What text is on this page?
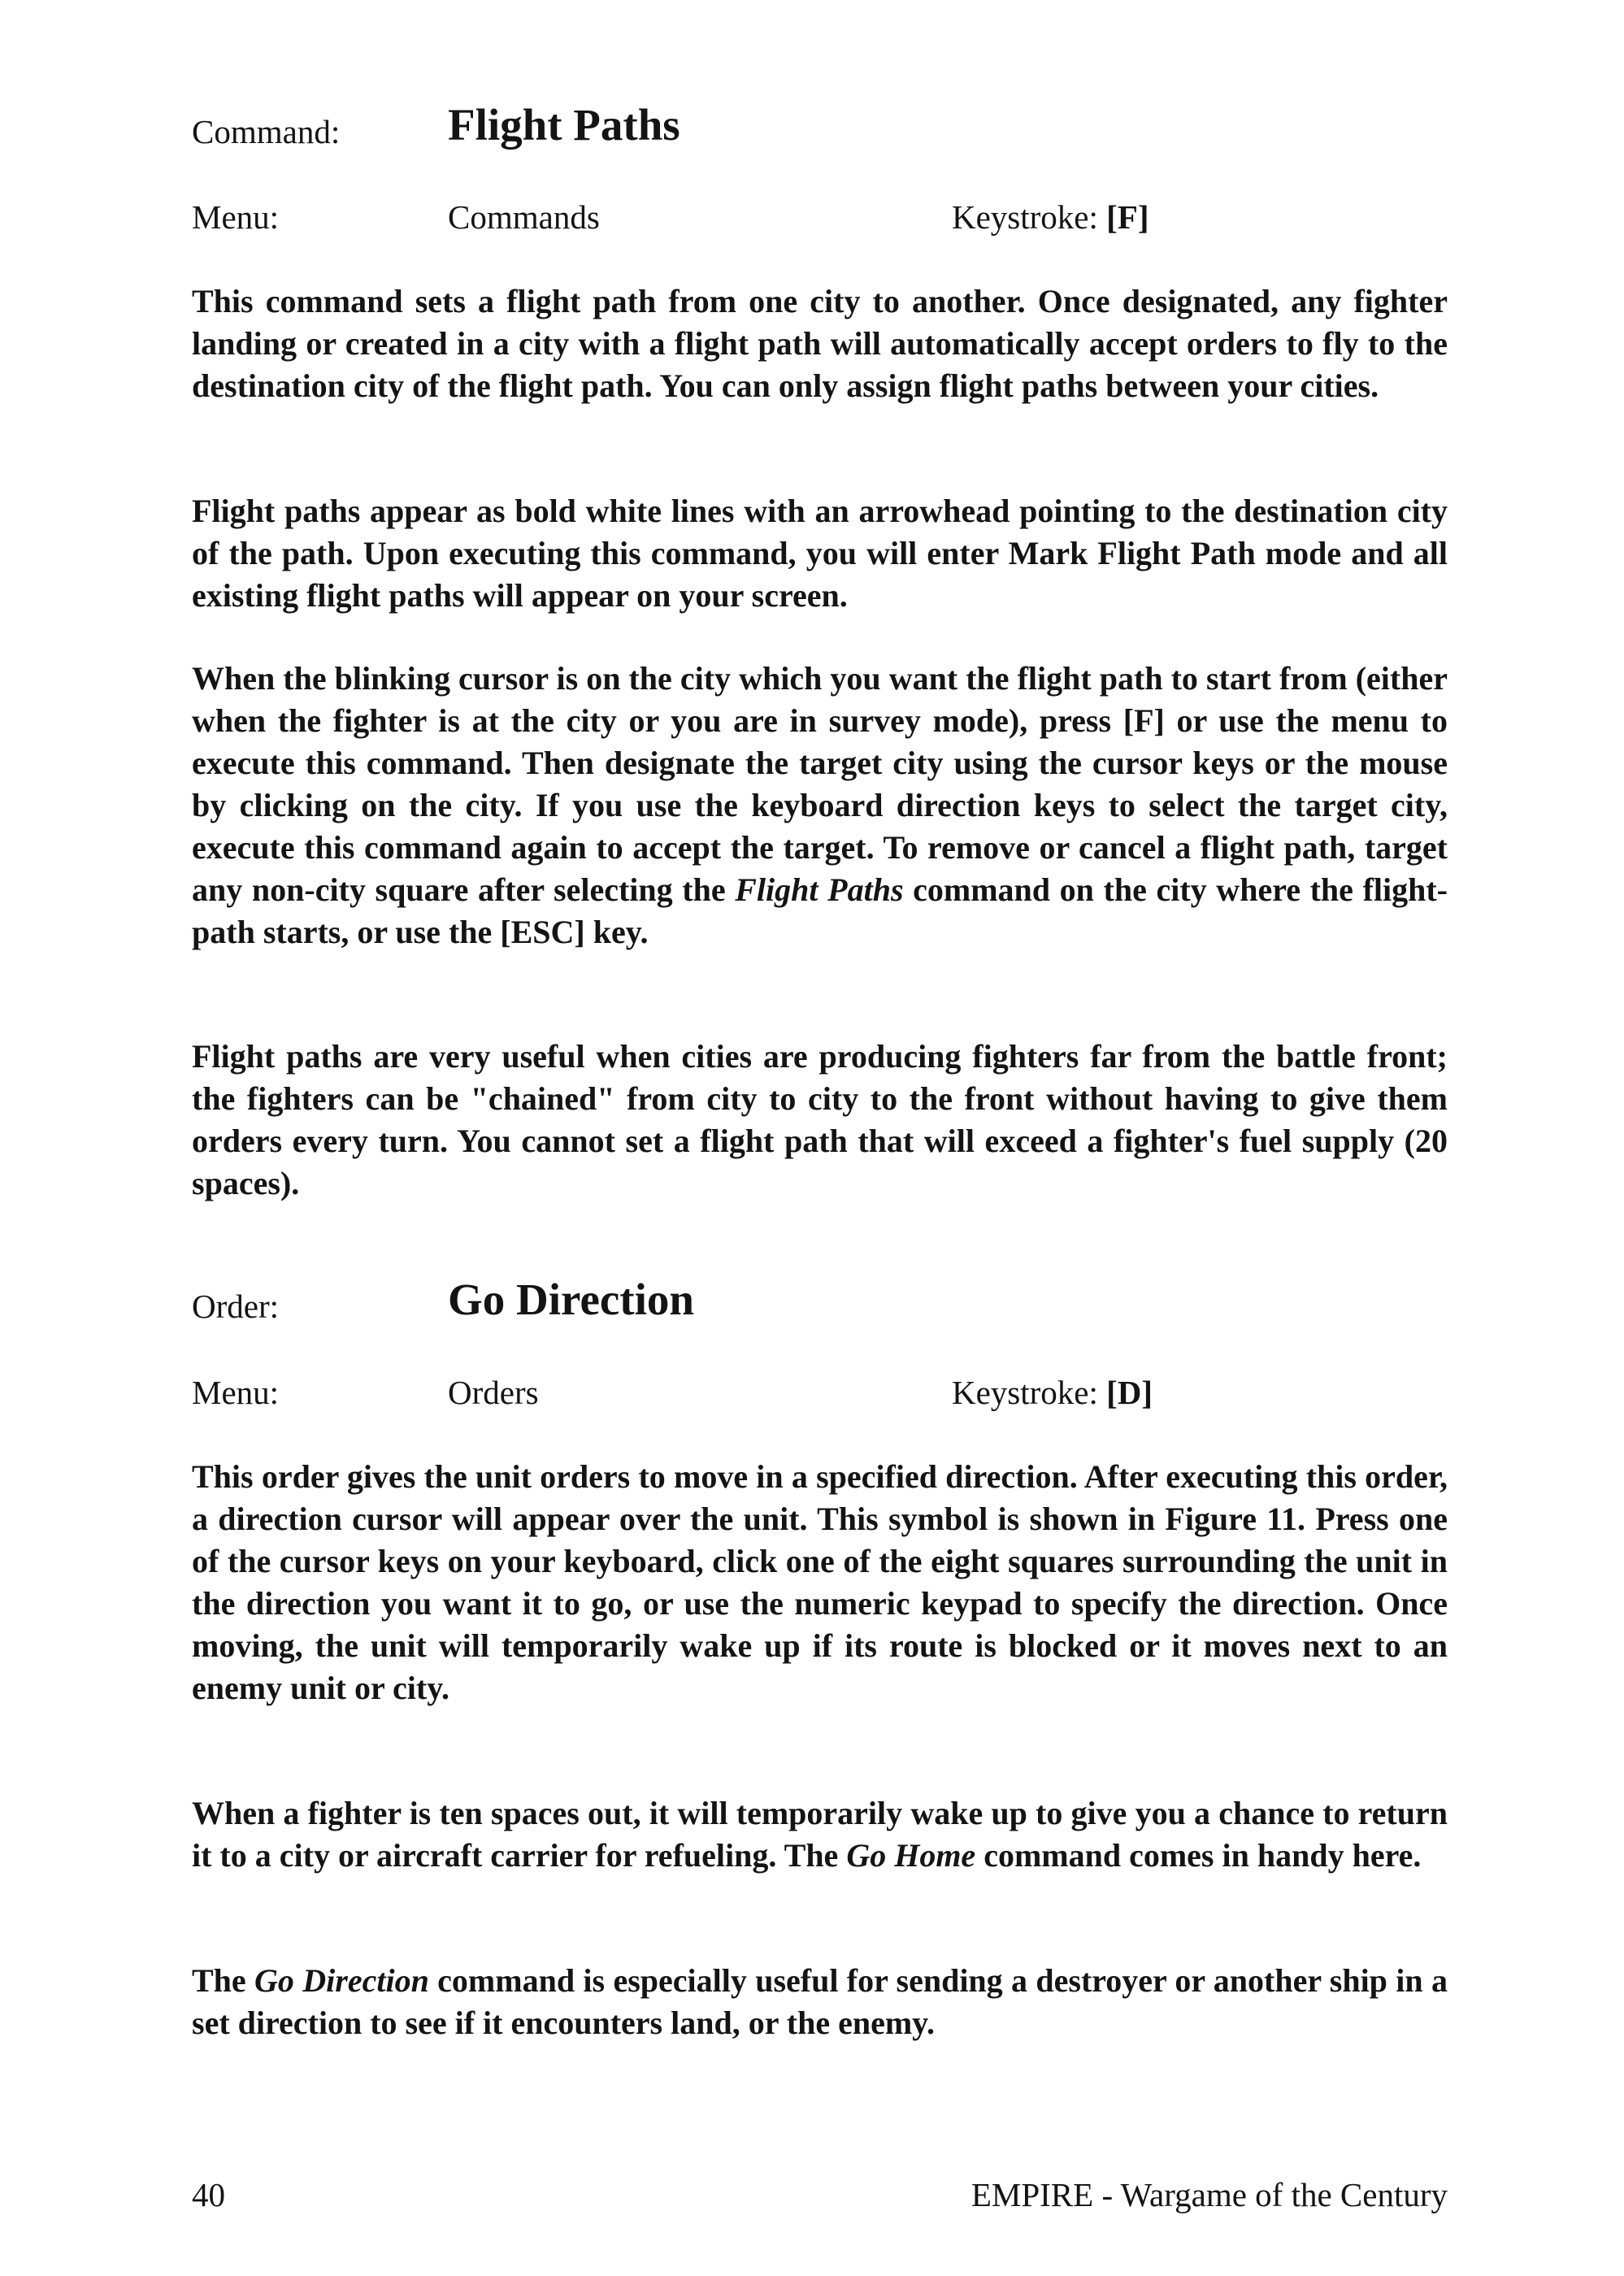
Command: Flight Paths
Menu:	Commands	Keystroke: [F]

This command sets a flight path from one city to another. Once designated, any fighter landing or created in a city with a flight path will automatically accept orders to fly to the destination city of the flight path. You can only assign flight paths between your cities.

Flight paths appear as bold white lines with an arrowhead pointing to the destination city of the path. Upon executing this command, you will enter Mark Flight Path mode and all existing flight paths will appear on your screen.

When the blinking cursor is on the city which you want the flight path to start from (either when the fighter is at the city or you are in survey mode), press [F] or use the menu to execute this command. Then designate the target city using the cursor keys or the mouse by clicking on the city. If you use the keyboard direction keys to select the target city, execute this command again to accept the target. To remove or cancel a flight path, target any non-city square after selecting the Flight Paths command on the city where the flight-path starts, or use the [ESC] key.

Flight paths are very useful when cities are producing fighters far from the battle front; the fighters can be "chained" from city to city to the front without having to give them orders every turn. You cannot set a flight path that will exceed a fighter's fuel supply (20 spaces).

Order:	Go Direction
Menu:	Orders	Keystroke: [D]

This order gives the unit orders to move in a specified direction. After executing this order, a direction cursor will appear over the unit. This symbol is shown in Figure 11. Press one of the cursor keys on your keyboard, click one of the eight squares surrounding the unit in the direction you want it to go, or use the numeric keypad to specify the direction. Once moving, the unit will temporarily wake up if its route is blocked or it moves next to an enemy unit or city.

When a fighter is ten spaces out, it will temporarily wake up to give you a chance to return it to a city or aircraft carrier for refueling. The Go Home command comes in handy here.

The Go Direction command is especially useful for sending a destroyer or another ship in a set direction to see if it encounters land, or the enemy.

40	EMPIRE - Wargame of the Century
